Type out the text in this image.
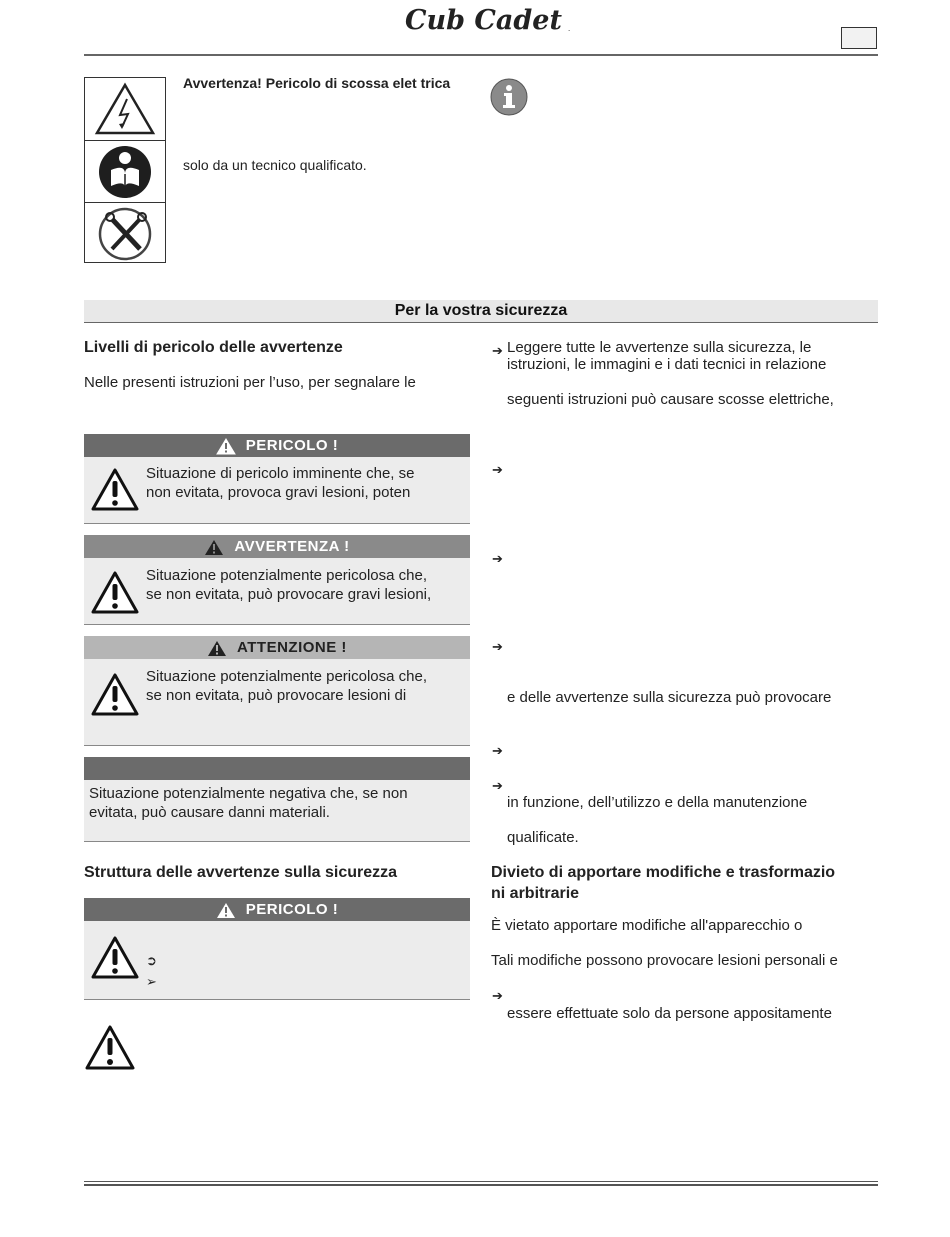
Cub Cadet .
Avvertenza! Pericolo di scossa elet trica
solo da un tecnico qualificato.
Per la vostra sicurezza
Livelli di pericolo delle avvertenze
Nelle presenti istruzioni per l’uso, per segnalare le
PERICOLO !
Situazione di pericolo imminente che, se
non evitata, provoca gravi lesioni, poten
AVVERTENZA !
Situazione potenzialmente pericolosa che,
se non evitata, può provocare gravi lesioni,
ATTENZIONE !
Situazione potenzialmente pericolosa che,
se non evitata, può provocare lesioni di
Situazione potenzialmente negativa che, se non
evitata, può causare danni materiali.
Struttura delle avvertenze sulla sicurezza
PERICOLO !
➲
➢
➔ Leggere tutte le avvertenze sulla sicurezza, le
istruzioni, le immagini e i dati tecnici in relazione
seguenti istruzioni può causare scosse elettriche,
➔
➔
➔
e delle avvertenze sulla sicurezza può provocare
➔
➔
in funzione, dell’utilizzo e della manutenzione
qualificate.
Divieto di apportare modifiche e trasformazio
ni arbitrarie
È vietato apportare modifiche all'apparecchio o
Tali modifiche possono provocare lesioni personali e
➔
essere effettuate solo da persone appositamente
